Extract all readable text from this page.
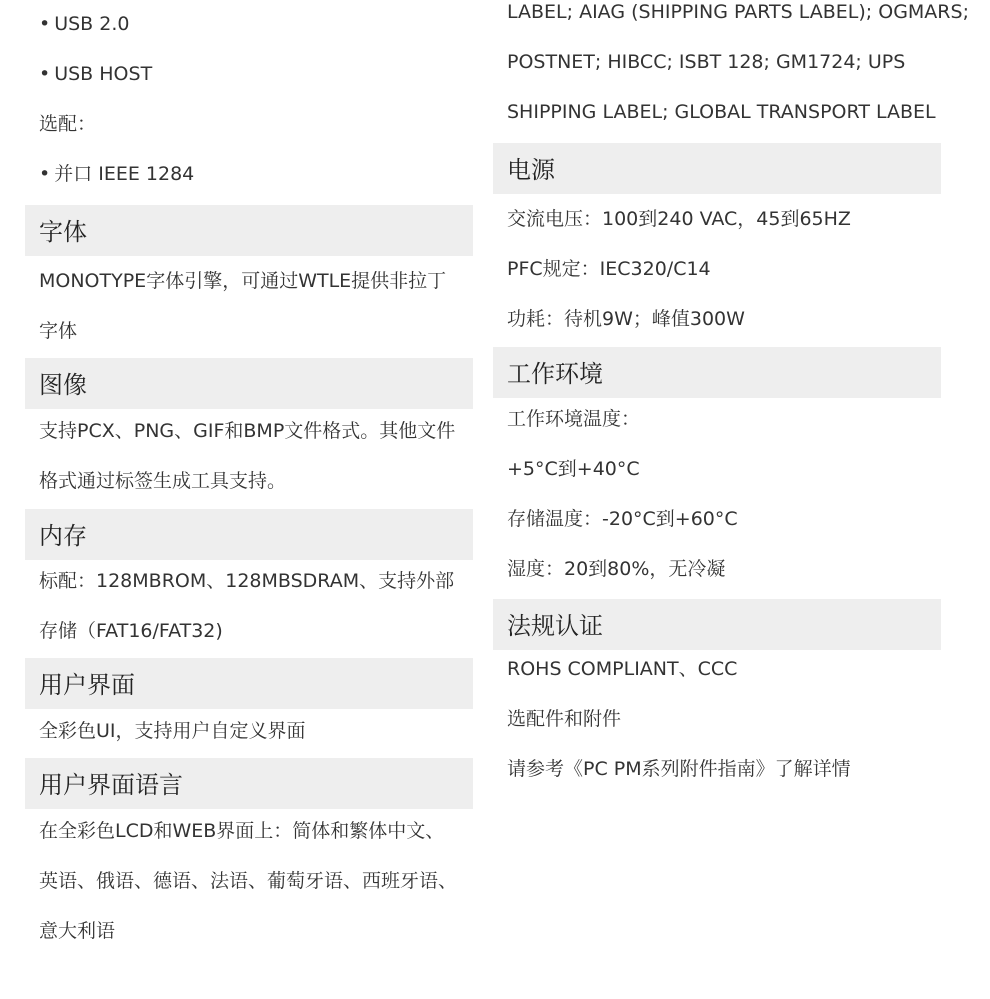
• USB 2.0
• USB HOST
选配：
• 并口 IEEE 1284
字体
MONOTYPE字体引擎，可通过WTLE提供非拉丁
字体
图像
支持PCX、PNG、GIF和BMP文件格式。其他文件
格式通过标签生成工具支持。
内存
标配：128MBROM、128MBSDRAM、支持外部
存储（FAT16/FAT32)
用户界面
全彩色UI，支持用户自定义界面
用户界面语言
在全彩色LCD和WEB界面上：简体和繁体中文、
英语、俄语、德语、法语、葡萄牙语、西班牙语、
意大利语
LABEL; AIAG (SHIPPING PARTS LABEL); OGMARS;
POSTNET; HIBCC; ISBT 128; GM1724; UPS
SHIPPING LABEL; GLOBAL TRANSPORT LABEL
电源
交流电压：100到240 VAC，45到65HZ
PFC规定：IEC320/C14
功耗：待机9W；峰值300W
工作环境
工作环境温度：
+5°C到+40°C
存储温度：-20°C到+60°C
湿度：20到80%，无冷凝
法规认证
ROHS COMPLIANT、CCC
选配件和附件
请参考《PC PM系列附件指南》了解详情
